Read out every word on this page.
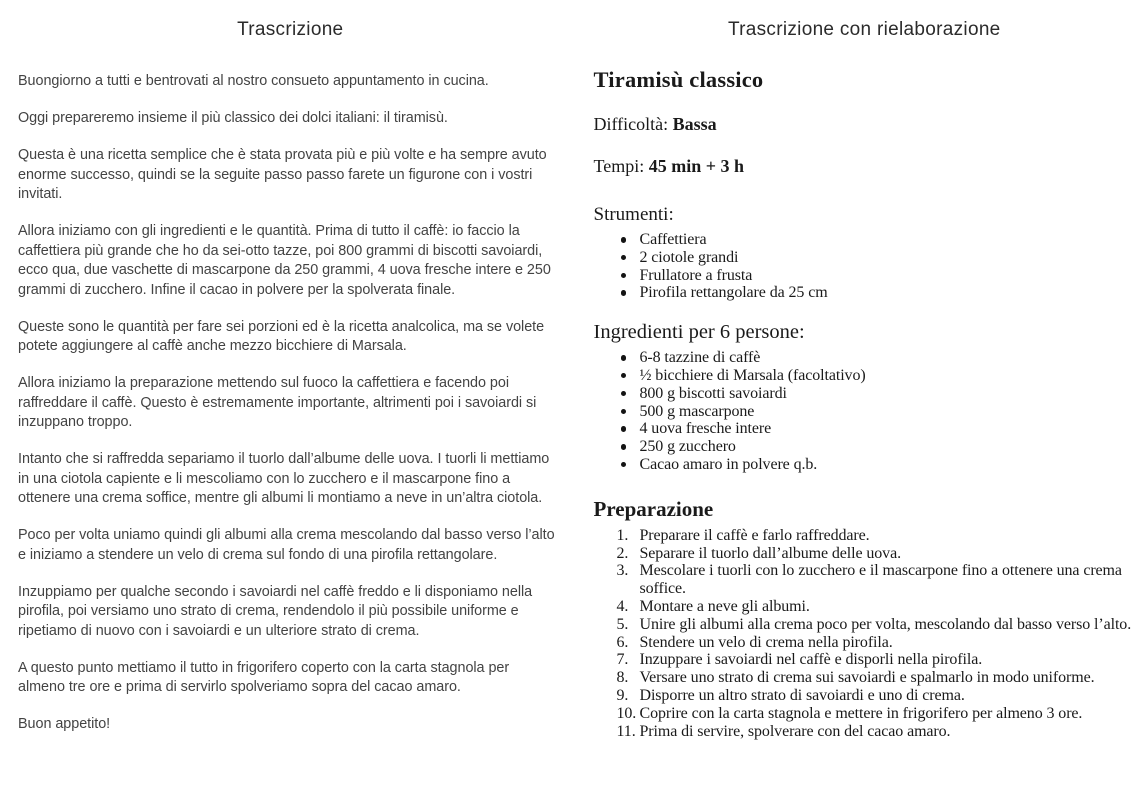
Trascrizione

Buongiorno a tutti e bentrovati al nostro consueto appuntamento in cucina.

Oggi prepareremo insieme il più classico dei dolci italiani: il tiramisù.

Questa è una ricetta semplice che è stata provata più e più volte e ha sempre avuto enorme successo, quindi se la seguite passo passo farete un figurone con i vostri invitati.

Allora iniziamo con gli ingredienti e le quantità. Prima di tutto il caffè: io faccio la caffettiera più grande che ho da sei-otto tazze, poi 800 grammi di biscotti savoiardi, ecco qua, due vaschette di mascarpone da 250 grammi, 4 uova fresche intere e 250 grammi di zucchero. Infine il cacao in polvere per la spolverata finale.

Queste sono le quantità per fare sei porzioni ed è la ricetta analcolica, ma se volete potete aggiungere al caffè anche mezzo bicchiere di Marsala.

Allora iniziamo la preparazione mettendo sul fuoco la caffettiera e facendo poi raffreddare il caffè. Questo è estremamente importante, altrimenti poi i savoiardi si inzuppano troppo.

Intanto che si raffredda separiamo il tuorlo dall’albume delle uova. I tuorli li mettiamo in una ciotola capiente e li mescoliamo con lo zucchero e il mascarpone fino a ottenere una crema soffice, mentre gli albumi li montiamo a neve in un’altra ciotola.

Poco per volta uniamo quindi gli albumi alla crema mescolando dal basso verso l’alto e iniziamo a stendere un velo di crema sul fondo di una pirofila rettangolare.

Inzuppiamo per qualche secondo i savoiardi nel caffè freddo e li disponiamo nella pirofila, poi versiamo uno strato di crema, rendendolo il più possibile uniforme e ripetiamo di nuovo con i savoiardi e un ulteriore strato di crema.

A questo punto mettiamo il tutto in frigorifero coperto con la carta stagnola per almeno tre ore e prima di servirlo spolveriamo sopra del cacao amaro.

Buon appetito!

Trascrizione con rielaborazione
Tiramisù classico

Difficoltà: Bassa

Tempi: 45 min + 3 h

Strumenti:
Caffettiera
2 ciotole grandi
Frullatore a frusta
Pirofila rettangolare da 25 cm
Ingredienti per 6 persone:
6-8 tazzine di caffè
½ bicchiere di Marsala (facoltativo)
800 g biscotti savoiardi
500 g mascarpone
4 uova fresche intere
250 g zucchero
Cacao amaro in polvere q.b.
Preparazione
1. Preparare il caffè e farlo raffreddare.
2. Separare il tuorlo dall’albume delle uova.
3. Mescolare i tuorli con lo zucchero e il mascarpone fino a ottenere una crema soffice.
4. Montare a neve gli albumi.
5. Unire gli albumi alla crema poco per volta, mescolando dal basso verso l’alto.
6. Stendere un velo di crema nella pirofila.
7. Inzuppare i savoiardi nel caffè e disporli nella pirofila.
8. Versare uno strato di crema sui savoiardi e spalmarlo in modo uniforme.
9. Disporre un altro strato di savoiardi e uno di crema.
10. Coprire con la carta stagnola e mettere in frigorifero per almeno 3 ore.
11. Prima di servire, spolverare con del cacao amaro.
